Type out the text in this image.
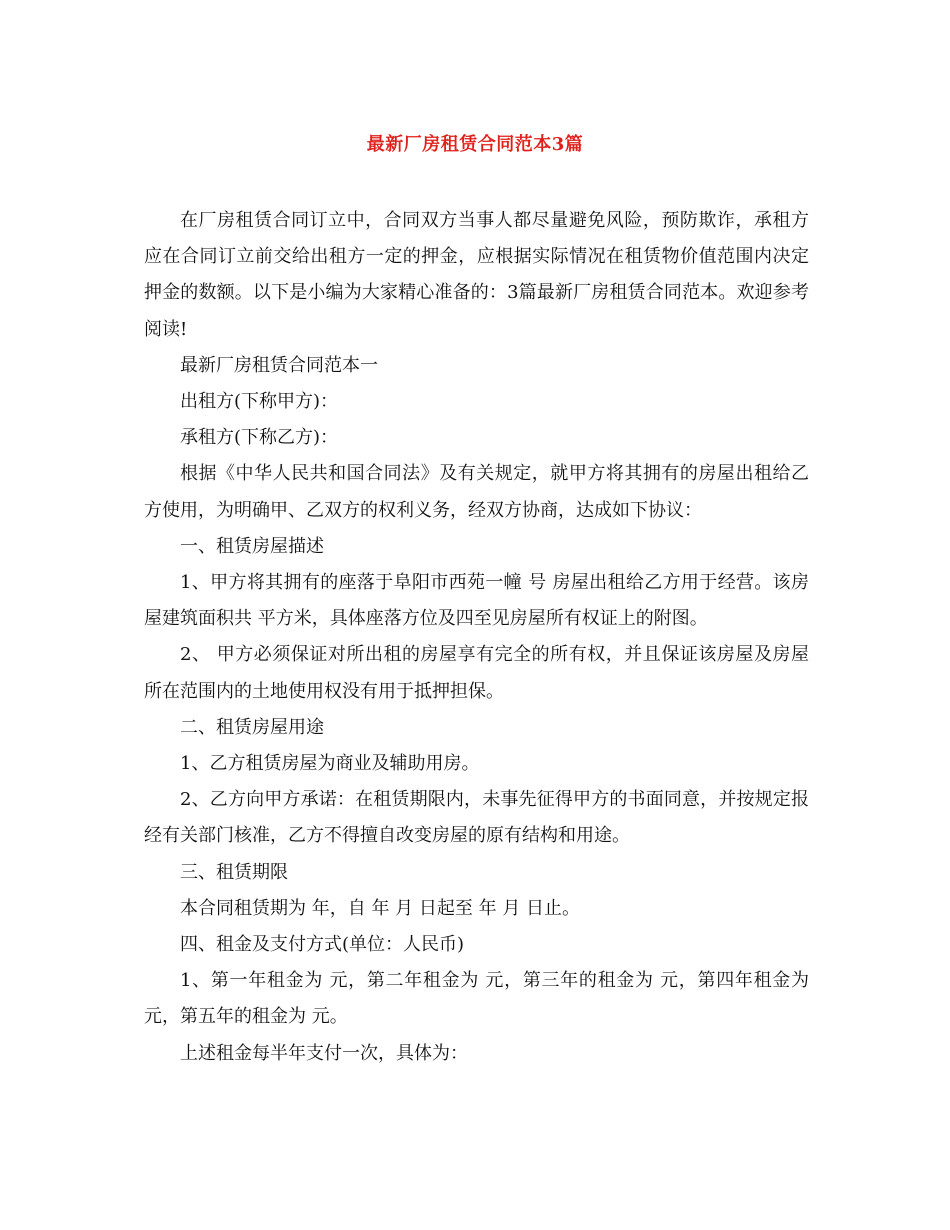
最新厂房租赁合同范本3篇

在厂房租赁合同订立中，合同双方当事人都尽量避免风险，预防欺诈，承租方应在合同订立前交给出租方一定的押金，应根据实际情况在租赁物价值范围内决定押金的数额。以下是小编为大家精心准备的：3篇最新厂房租赁合同范本。欢迎参考阅读!

最新厂房租赁合同范本一

出租方(下称甲方)：

承租方(下称乙方)：

根据《中华人民共和国合同法》及有关规定，就甲方将其拥有的房屋出租给乙方使用，为明确甲、乙双方的权利义务，经双方协商，达成如下协议：

一、租赁房屋描述

1、甲方将其拥有的座落于阜阳市西苑一幢 号 房屋出租给乙方用于经营。该房屋建筑面积共 平方米，具体座落方位及四至见房屋所有权证上的附图。

2、 甲方必须保证对所出租的房屋享有完全的所有权，并且保证该房屋及房屋所在范围内的土地使用权没有用于抵押担保。

二、租赁房屋用途

1、乙方租赁房屋为商业及辅助用房。

2、乙方向甲方承诺：在租赁期限内，未事先征得甲方的书面同意，并按规定报经有关部门核准，乙方不得擅自改变房屋的原有结构和用途。

三、租赁期限

本合同租赁期为 年，自 年 月 日起至 年 月 日止。

四、租金及支付方式(单位：人民币)

1、第一年租金为 元，第二年租金为 元，第三年的租金为 元，第四年租金为元，第五年的租金为 元。

上述租金每半年支付一次，具体为：
